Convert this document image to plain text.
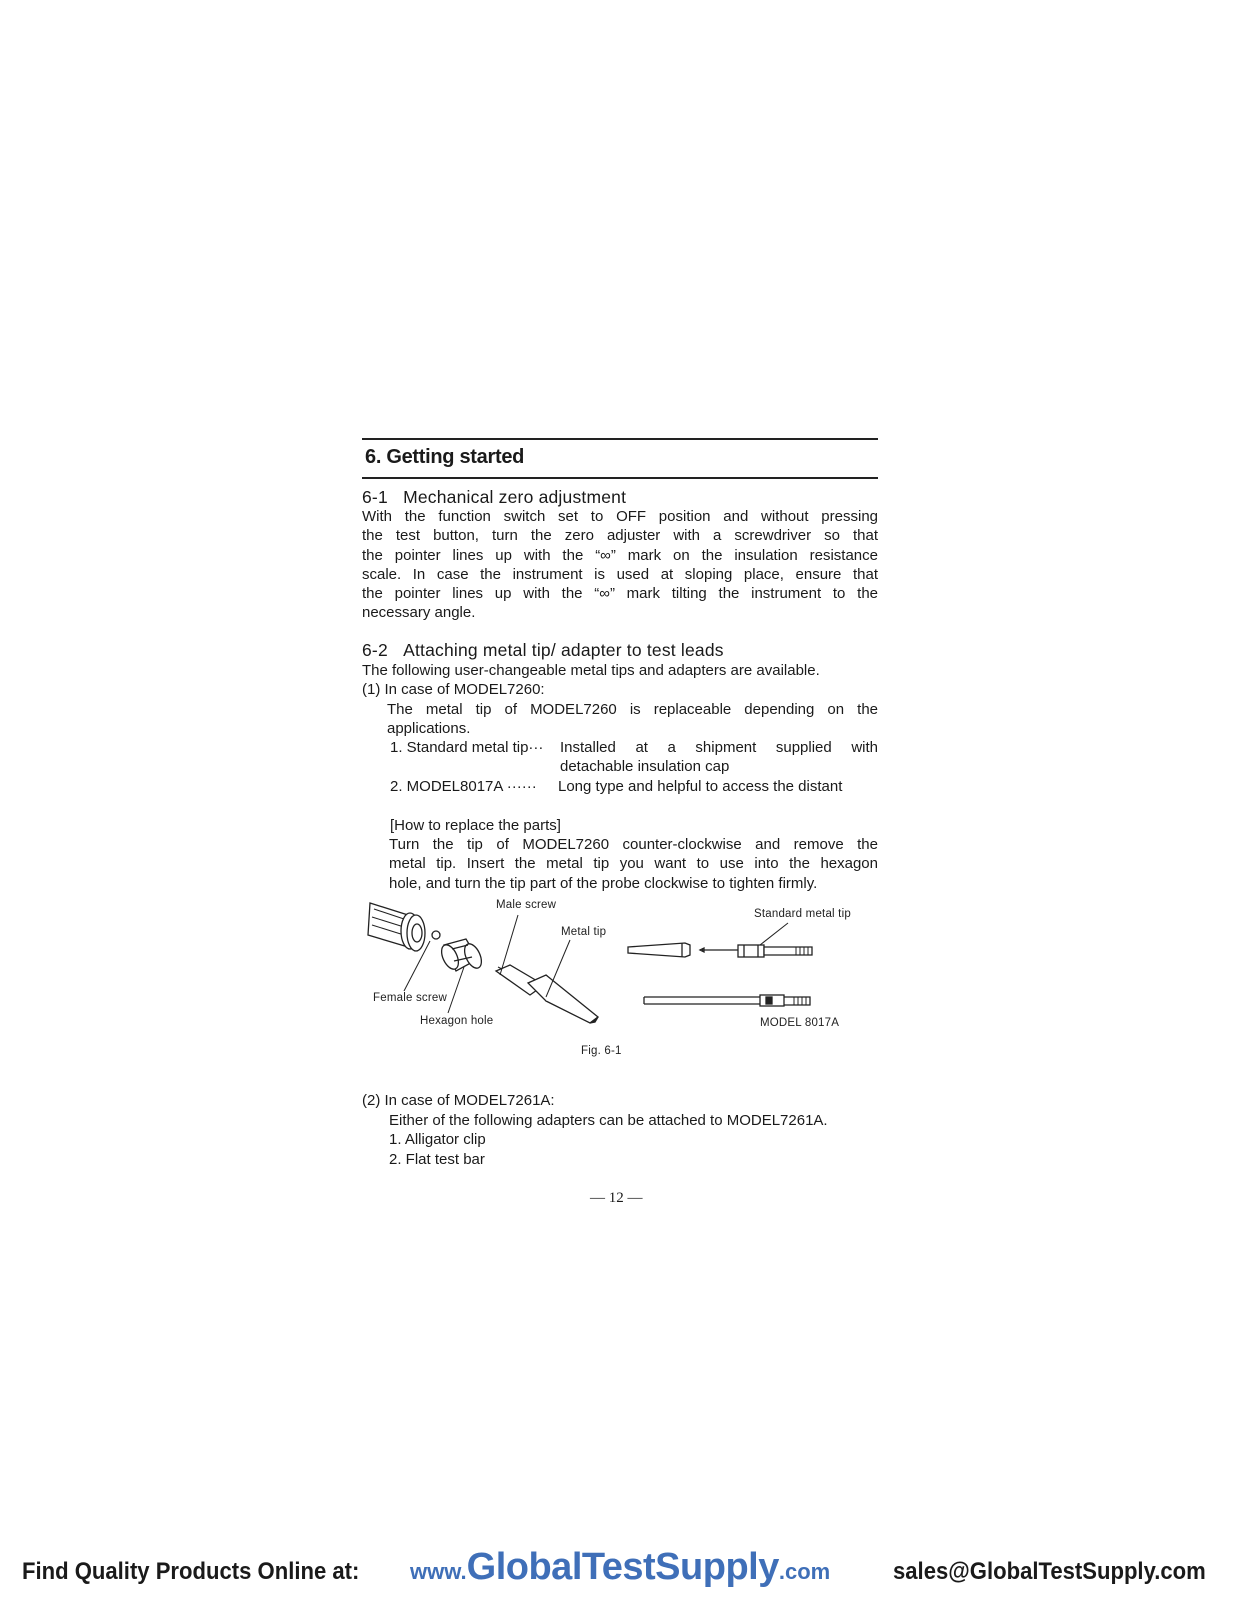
6. Getting started
6-1   Mechanical zero adjustment
With the function switch set to OFF position and without pressing
the test button, turn the zero adjuster with a screwdriver so that
the pointer lines up with the “∞” mark on the insulation resistance
scale. In case the instrument is used at sloping place, ensure that
the pointer lines up with the “∞” mark tilting the instrument to the
necessary angle.
6-2   Attaching metal tip/ adapter to test leads
The following user-changeable metal tips and adapters are available.
(1) In case of MODEL7260:
The metal tip of MODEL7260 is replaceable depending on the
applications.
1. Standard metal tip··· Installed at a shipment supplied with
detachable insulation cap
2. MODEL8017A ······ Long type and helpful to access the distant
[How to replace the parts]
Turn the tip of MODEL7260 counter-clockwise and remove the
metal tip. Insert the metal tip you want to use into the hexagon
hole, and turn the tip part of the probe clockwise to tighten firmly.
Male screw
Metal tip
Standard metal tip
Female screw
Hexagon hole	MODEL 8017A
Fig. 6-1
(2) In case of MODEL7261A:
Either of the following adapters can be attached to MODEL7261A.
1. Alligator clip
2. Flat test bar
— 12 —
Find Quality Products Online at: www.GlobalTestSupply.com	sales@GlobalTestSupply.com
